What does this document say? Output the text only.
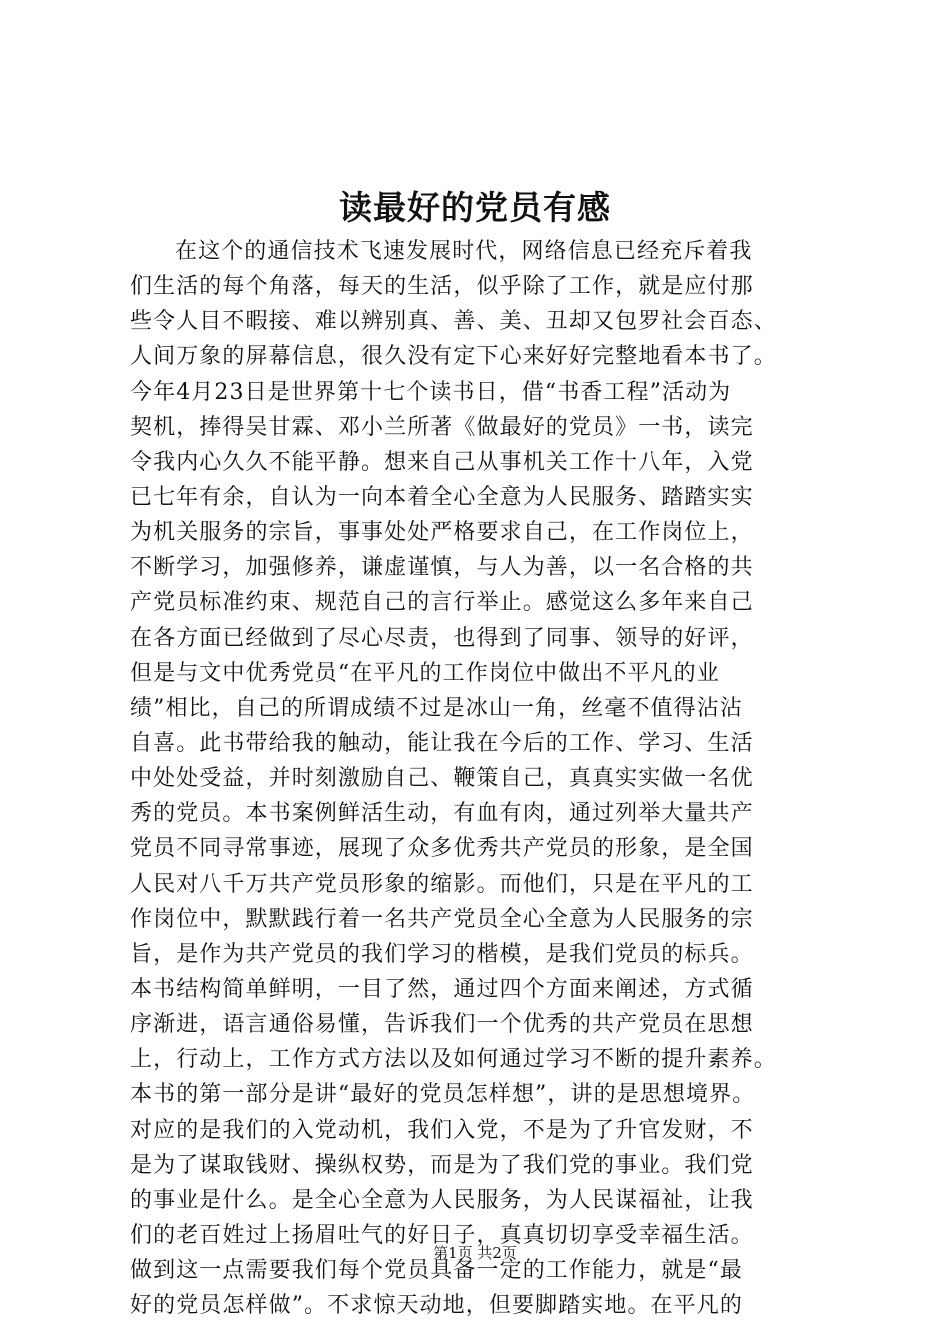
读最好的党员有感
在这个的通信技术飞速发展时代，网络信息已经充斥着我
们生活的每个角落，每天的生活，似乎除了工作，就是应付那
些令人目不暇接、难以辨别真、善、美、丑却又包罗社会百态、
人间万象的屏幕信息，很久没有定下心来好好完整地看本书了。
今年4月23日是世界第十七个读书日，借“书香工程”活动为
契机，捧得吴甘霖、邓小兰所著《做最好的党员》一书，读完
令我内心久久不能平静。想来自己从事机关工作十八年，入党
已七年有余，自认为一向本着全心全意为人民服务、踏踏实实
为机关服务的宗旨，事事处处严格要求自己，在工作岗位上，
不断学习，加强修养，谦虚谨慎，与人为善，以一名合格的共
产党员标准约束、规范自己的言行举止。感觉这么多年来自己
在各方面已经做到了尽心尽责，也得到了同事、领导的好评，
但是与文中优秀党员“在平凡的工作岗位中做出不平凡的业
绩”相比，自己的所谓成绩不过是冰山一角，丝毫不值得沾沾
自喜。此书带给我的触动，能让我在今后的工作、学习、生活
中处处受益，并时刻激励自己、鞭策自己，真真实实做一名优
秀的党员。本书案例鲜活生动，有血有肉，通过列举大量共产
党员不同寻常事迹，展现了众多优秀共产党员的形象，是全国
人民对八千万共产党员形象的缩影。而他们，只是在平凡的工
作岗位中，默默践行着一名共产党员全心全意为人民服务的宗
旨，是作为共产党员的我们学习的楷模，是我们党员的标兵。
本书结构简单鲜明，一目了然，通过四个方面来阐述，方式循
序渐进，语言通俗易懂，告诉我们一个优秀的共产党员在思想
上，行动上，工作方式方法以及如何通过学习不断的提升素养。
本书的第一部分是讲“最好的党员怎样想”，讲的是思想境界。
对应的是我们的入党动机，我们入党，不是为了升官发财，不
是为了谋取钱财、操纵权势，而是为了我们党的事业。我们党
的事业是什么。是全心全意为人民服务，为人民谋福祉，让我
们的老百姓过上扬眉吐气的好日子，真真切切享受幸福生活。
做到这一点需要我们每个党员具备一定的工作能力，就是“最
好的党员怎样做”。不求惊天动地，但要脚踏实地。在平凡的
第1页 共2页
